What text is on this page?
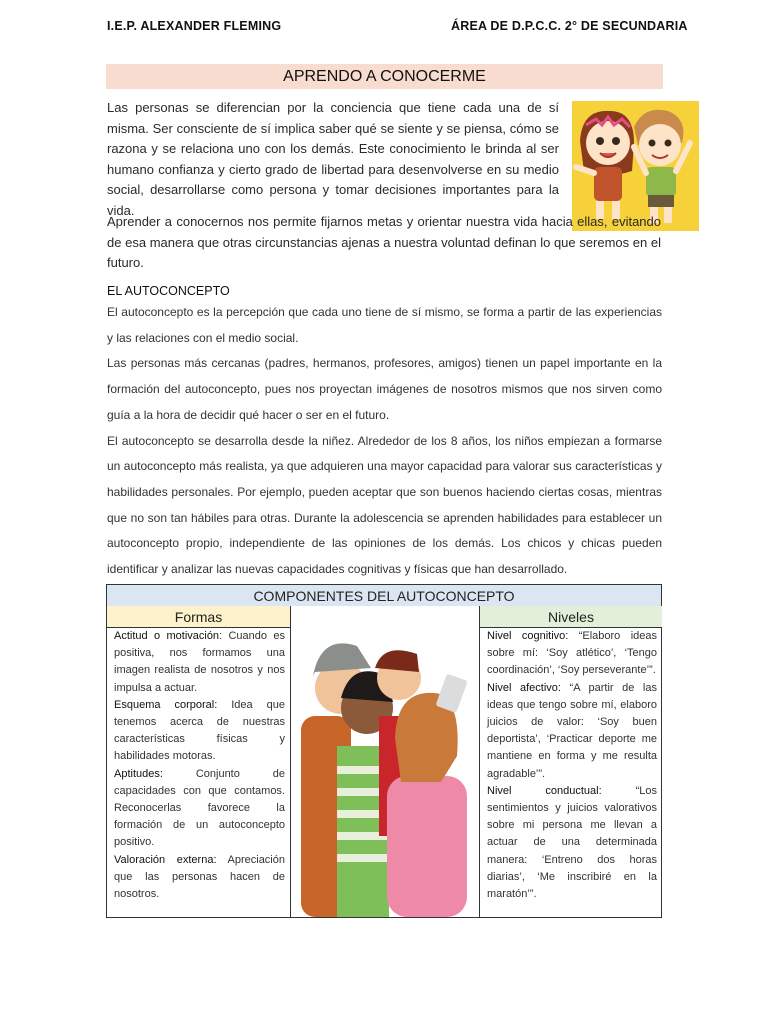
I.E.P. ALEXANDER FLEMING	ÁREA DE D.P.C.C. 2° DE SECUNDARIA
APRENDO A CONOCERME
Las personas se diferencian por la conciencia que tiene cada una de sí misma. Ser consciente de sí implica saber qué se siente y se piensa, cómo se razona y se relaciona uno con los demás. Este conocimiento le brinda al ser humano confianza y cierto grado de libertad para desenvolverse en su medio social, desarrollarse como persona y tomar decisiones importantes para la vida.
Aprender a conocernos nos permite fijarnos metas y orientar nuestra vida hacia ellas, evitando de esa manera que otras circunstancias ajenas a nuestra voluntad definan lo que seremos en el futuro.
EL AUTOCONCEPTO

El autoconcepto es la percepción que cada uno tiene de sí mismo, se forma a partir de las experiencias y las relaciones con el medio social.

Las personas más cercanas (padres, hermanos, profesores, amigos) tienen un papel importante en la formación del autoconcepto, pues nos proyectan imágenes de nosotros mismos que nos sirven como guía a la hora de decidir qué hacer o ser en el futuro.

El autoconcepto se desarrolla desde la niñez. Alrededor de los 8 años, los niños empiezan a formarse un autoconcepto más realista, ya que adquieren una mayor capacidad para valorar sus características y habilidades personales. Por ejemplo, pueden aceptar que son buenos haciendo ciertas cosas, mientras que no son tan hábiles para otras. Durante la adolescencia se aprenden habilidades para establecer un autoconcepto propio, independiente de las opiniones de los demás. Los chicos y chicas pueden identificar y analizar las nuevas capacidades cognitivas y físicas que han desarrollado.

COMPONENTES DEL AUTOCONCEPTO
Formas	Niveles

Actitud o motivación: Cuando es positiva, nos formamos una imagen realista de nosotros y nos impulsa a actuar.

Esquema corporal: Idea que tenemos acerca de nuestras características físicas y habilidades motoras.

Aptitudes: Conjunto de capacidades con que contamos. Reconocerlas favorece la formación de un autoconcepto positivo.

Valoración externa: Apreciación que las personas hacen de nosotros.

Nivel cognitivo: “Elaboro ideas sobre mí: ‘Soy atlético’, ‘Tengo coordinación’, ‘Soy perseverante’”.

Nivel afectivo: “A partir de las ideas que tengo sobre mí, elaboro juicios de valor: ‘Soy buen deportista’, ‘Practicar deporte me mantiene en forma y me resulta agradable’”.

Nivel conductual: “Los sentimientos y juicios valorativos sobre mi persona me llevan a actuar de una determinada manera: ‘Entreno dos horas diarias’, ‘Me inscribiré en la maratón’”.
